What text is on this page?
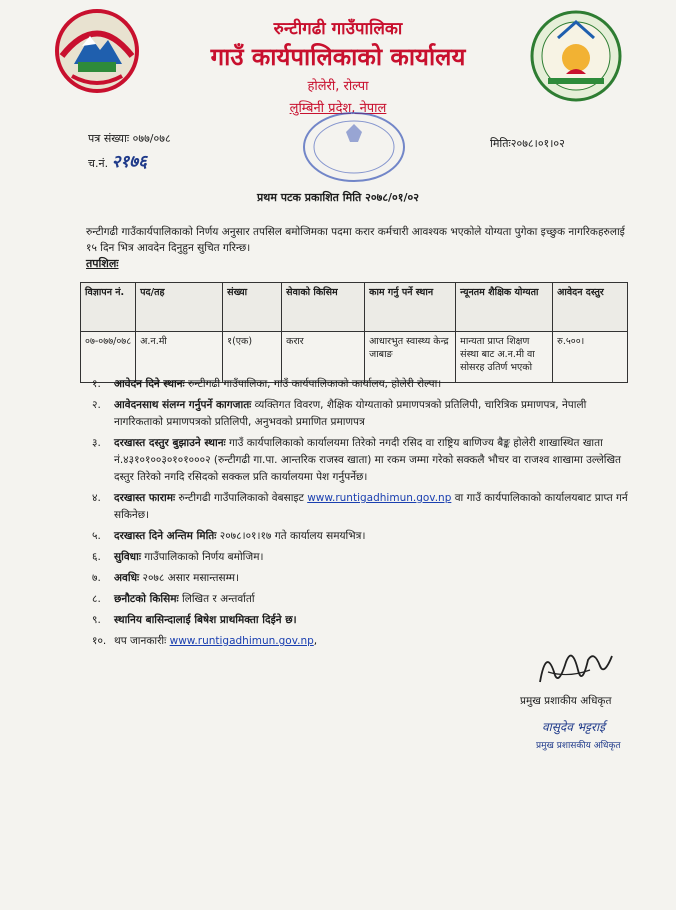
रुन्टीगढी गाउँपालिका
गाउँ कार्यपालिकाको कार्यालय
होलेरी, रोल्पा
लुम्बिनी प्रदेश, नेपाल
पत्र संख्याः ०७७/०७८
च.नं. २१७६
मितिः२०७८।०१।०२
प्रथम पटक प्रकाशित मिति २०७८/०१/०२
रुन्टीगढी गाउँकार्यपालिकाको निर्णय अनुसार तपसिल बमोजिमका पदमा करार कर्मचारी आवश्यक भएकोले योग्यता पुगेका इच्छुक नागरिकहरुलाई १५ दिन भित्र आवदेन दिनुहुन सुचित गरिन्छ।
तपशिलः
विज्ञापन नं.	पद/तह	संख्या	सेवाको किसिम	काम गर्नु पर्ने स्थान	न्यूनतम शैक्षिक योग्यता	आवेदन दस्तुर
०७-०७७/०७८	अ.न.मी	१(एक)	करार	आधारभुत स्वास्थ्य केन्द्र जाबाङ	मान्यता प्राप्त शिक्षण संस्था बाट अ.न.मी वा सोसरह उतिर्ण भएको	रु.५००।
१. आवेदन दिने स्थानः रुन्टीगढी गाउँपालिका, गाउँ कार्यपालिकाको कार्यालय, होलेरी रोल्पा।
२. आवेदनसाथ संलग्न गर्नुपर्ने कागजातः व्यक्तिगत विवरण, शैक्षिक योग्यताको प्रमाणपत्रको प्रतिलिपी, चारित्रिक प्रमाणपत्र, नेपाली नागरिकताको प्रमाणपत्रको प्रतिलिपी, अनुभवको प्रमाणित प्रमाणपत्र
३. दरखास्त दस्तुर बुझाउने स्थानः गाउँ कार्यपालिकाको कार्यालयमा तिरेको नगदी रसिद वा राष्ट्रिय बाणिज्य बैङ्क होलेरी शाखास्थित खाता नं.४३१०१००३०१०१०००२ (रुन्टीगढी गा.पा. आन्तरिक राजस्व खाता) मा रकम जम्मा गरेको सक्कलै भौचर वा राजश्व शाखामा उल्लेखित दस्तुर तिरेको नगदि रसिदको सक्कल प्रति कार्यालयमा पेश गर्नुपर्नेछ।
४. दरखास्त फारामः रुन्टीगढी गाउँपालिकाको वेबसाइट www.runtigadhimun.gov.np वा गाउँ कार्यपालिकाको कार्यालयबाट प्राप्त गर्न सकिनेछ।
५. दरखास्त दिने अन्तिम मितिः २०७८।०१।१७ गते कार्यालय समयभित्र।
६. सुविधाः गाउँपालिकाको निर्णय बमोजिम।
७. अवधिः २०७८ असार मसान्तसम्म।
८. छनौटको किसिमः लिखित र अन्तर्वार्ता
९. स्थानिय बासिन्दालाई बिषेश प्राथमिक्ता दिईने छ।
१०. थप जानकारीः www.runtigadhimun.gov.np,
प्रमुख प्रशाकीय अधिकृत
वासुदेव भट्टराई
प्रमुख प्रशासकीय अधिकृत
